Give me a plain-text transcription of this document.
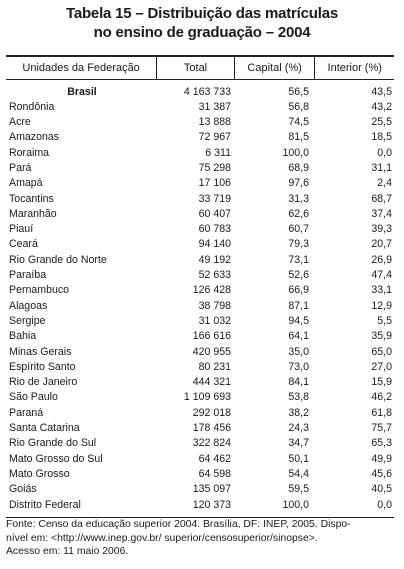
Tabela 15 – Distribuição das matrículas
no ensino de graduação – 2004
Unidades da Federação	Total	Capital (%)	Interior (%)
Brasil	4 163 733	56,5	43,5
Rondônia	31 387	56,8	43,2
Acre	13 888	74,5	25,5
Amazonas	72 967	81,5	18,5
Roraima	6 311	100,0	0,0
Pará	75 298	68,9	31,1
Amapá	17 106	97,6	2,4
Tocantins	33 719	31,3	68,7
Maranhão	60 407	62,6	37,4
Piauí	60 783	60,7	39,3
Ceará	94 140	79,3	20,7
Rio Grande do Norte	49 192	73,1	26,9
Paraíba	52 633	52,6	47,4
Pernambuco	126 428	66,9	33,1
Alagoas	38 798	87,1	12,9
Sergipe	31 032	94,5	5,5
Bahia	166 616	64,1	35,9
Minas Gerais	420 955	35,0	65,0
Espírito Santo	80 231	73,0	27,0
Rio de Janeiro	444 321	84,1	15,9
São Paulo	1 109 693	53,8	46,2
Paraná	292 018	38,2	61,8
Santa Catarina	178 456	24,3	75,7
Rio Grande do Sul	322 824	34,7	65,3
Mato Grosso do Sul	64 462	50,1	49,9
Mato Grosso	64 598	54,4	45,6
Goiás	135 097	59,5	40,5
Distrito Federal	120 373	100,0	0,0
Fonte: Censo da educação superior 2004. Brasília, DF: INEP, 2005. Dispo-
nível em: <http://www.inep.gov.br/ superior/censosuperior/sinopse>.
Acesso em: 11 maio 2006.
